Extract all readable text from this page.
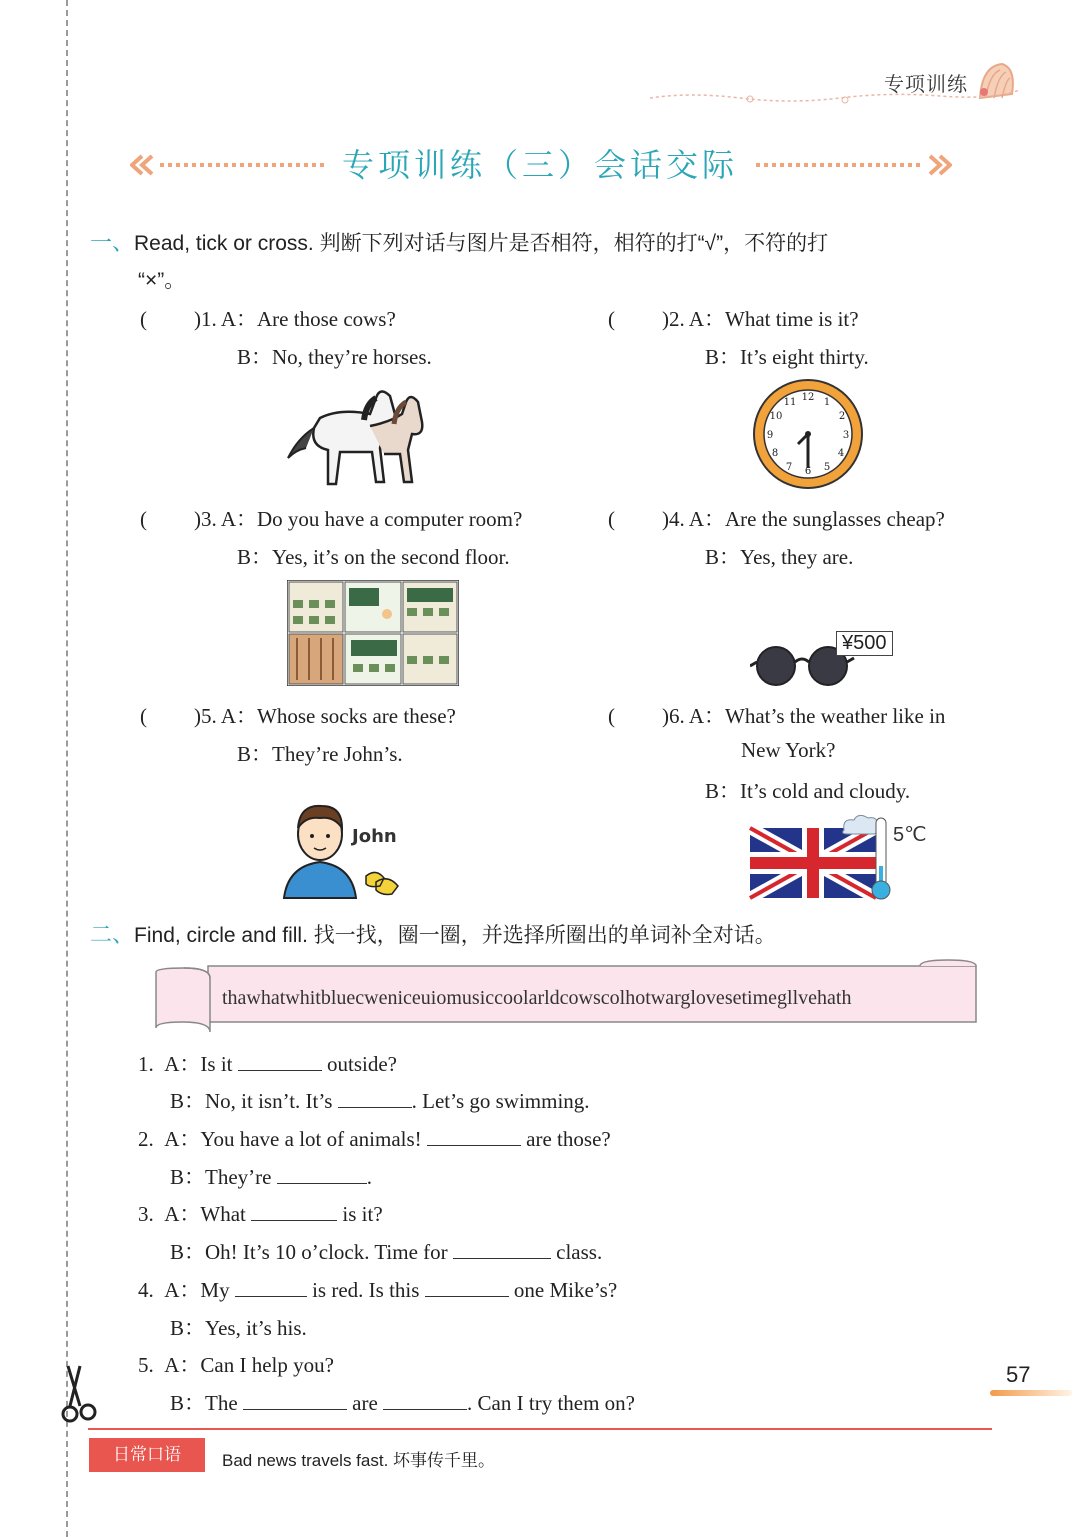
专项训练
专项训练（三）会话交际
一、Read, tick or cross. 判断下列对话与图片是否相符，相符的打“√”，不符的打
“×”。
( )1. A：Are those cows?
B：No, they’re horses.
( )2. A：What time is it?
B：It’s eight thirty.
12 1
2
3
4
5
6
7
8
9
10
11
( )3. A：Do you have a computer room?
B：Yes, it’s on the second floor.
( )4. A：Are the sunglasses cheap?
B：Yes, they are.
¥500
( )5. A：Whose socks are these?
B：They’re John’s.
John
( )6. A：What’s the weather like in
New York?
B：It’s cold and cloudy.
5℃
二、Find, circle and fill. 找一找，圈一圈，并选择所圈出的单词补全对话。
thawhatwhitbluecweniceuiomusiccoolarldcowscolhotwarglovesetimegllvehath
1. A：Is it	outside?
B：No, it isn’t. It’s	. Let’s go swimming.
2. A：You have a lot of animals!	are those?
B：They’re	.
3. A：What	is it?
B：Oh! It’s 10 o’clock. Time for	class.
4. A：My	is red. Is this	one Mike’s?
B：Yes, it’s his.
5. A：Can I help you?
B：The	are	. Can I try them on?
57
日常口语	Bad news travels fast. 坏事传千里。
